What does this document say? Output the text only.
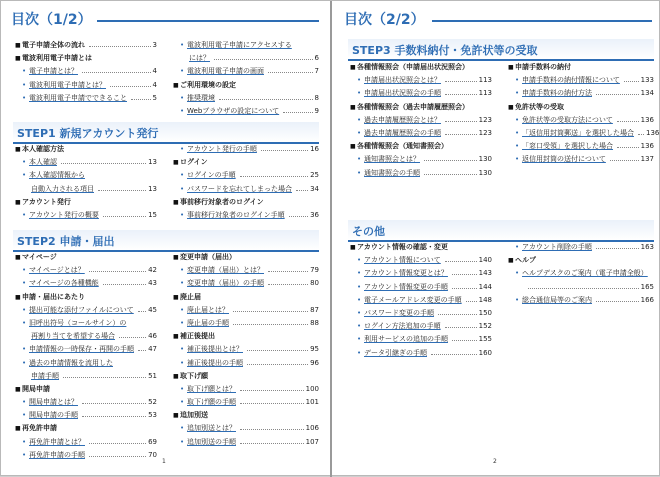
目次（1/2）
■ 電子申請全体の流れ	3
■ 電波利用電子申請とは
• 電子申請とは？	4
• 電波利用電子申請とは？	4
• 電波利用電子申請でできること	5
• 電波利用電子申請にアクセスする
には？	6
• 電波利用電子申請の画面	7
■ ご利用環境の設定
• 推奨環境	8
• Webブラウザの設定について	9
STEP1 新規アカウント発行
■ 本人確認方法
• 本人確認	13
• 本人確認情報から
自動入力される項目	13
■ アカウント発行
• アカウント発行の概要	15
• アカウント発行の手順	16
■ ログイン
• ログインの手順	25
• パスワードを忘れてしまった場合	34
■ 事前移行対象者のログイン
• 事前移行対象者のログイン手順	36
STEP2 申請・届出
■ マイページ
• マイページとは？	42
• マイページの各種機能	43
■ 申請・届出にあたり
• 提出可能な添付ファイルについて 45
• 旧呼出符号（コールサイン）の
再割り当てを希望する場合	46
• 申請情報の一時保存・再開の手順 47
• 過去の申請情報を流用した
申請手順	51
■ 開局申請
• 開局申請とは？	52
• 開局申請の手順	53
■ 再免許申請
• 再免許申請とは？	69
• 再免許申請の手順	70
■ 変更申請（届出）
• 変更申請（届出）とは？	79
• 変更申請（届出）の手順	80
■ 廃止届
• 廃止届とは？	87
• 廃止届の手順	88
■ 補正後提出
• 補正後提出とは？	95
• 補正後提出の手順	96
■ 取下げ願
• 取下げ願とは？	100
• 取下げ願の手順	101
■ 追加別送
• 追加別送とは？	106
• 追加別送の手順	107
1
目次（2/2）
STEP3 手数料納付・免許状等の受取
■ 各種情報照会（申請届出状況照会）
• 申請届出状況照会とは？	113
• 申請届出状況照会の手順	113
■ 各種情報照会（過去申請履歴照会）
• 過去申請履歴照会とは？	123
• 過去申請履歴照会の手順	123
■ 各種情報照会（通知書照会）
• 通知書照会とは？	130
• 通知書照会の手順	130
■ 申請手数料の納付
• 申請手数料の納付情報について	133
• 申請手数料の納付方法	134
■ 免許状等の受取
• 免許状等の受取方法について	136
• 「返信用封筒郵送」を選択した場合 136
• 「窓口受領」を選択した場合	136
• 返信用封筒の送付について	137
その他
■ アカウント情報の確認・変更
• アカウント情報について	140
• アカウント情報変更とは？	143
• アカウント情報変更の手順	144
• 電子メールアドレス変更の手順 148
• パスワード変更の手順	150
• ログイン方法追加の手順	152
• 利用サービスの追加の手順	155
• データ引継ぎの手順	160
• アカウント削除の手順	163
■ ヘルプ
• ヘルプデスクのご案内（電子申請全般）
165
• 総合通信局等のご案内	166
2
